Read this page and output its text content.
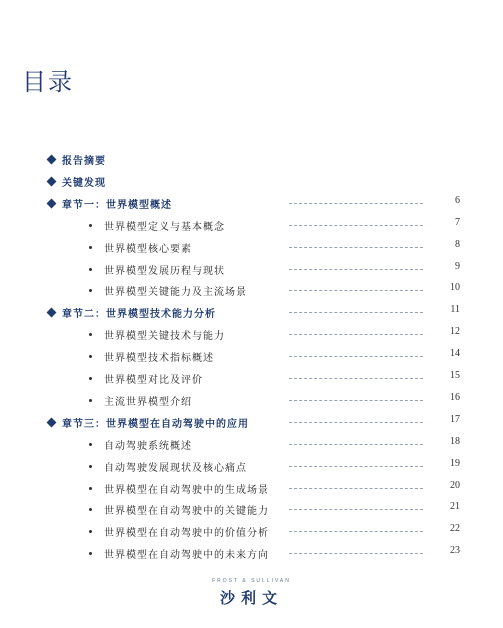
目录
报告摘要
关键发现
章节一：世界模型概述	6
世界模型定义与基本概念	7
世界模型核心要素	8
世界模型发展历程与现状	9
世界模型关键能力及主流场景	10
章节二：世界模型技术能力分析	11
世界模型关键技术与能力	12
世界模型技术指标概述	14
世界模型对比及评价	15
主流世界模型介绍	16
章节三：世界模型在自动驾驶中的应用	17
自动驾驶系统概述	18
自动驾驶发展现状及核心痛点	19
世界模型在自动驾驶中的生成场景	20
世界模型在自动驾驶中的关键能力	21
世界模型在自动驾驶中的价值分析	22
世界模型在自动驾驶中的未来方向	23
FROST & SULLIVAN
沙利文
